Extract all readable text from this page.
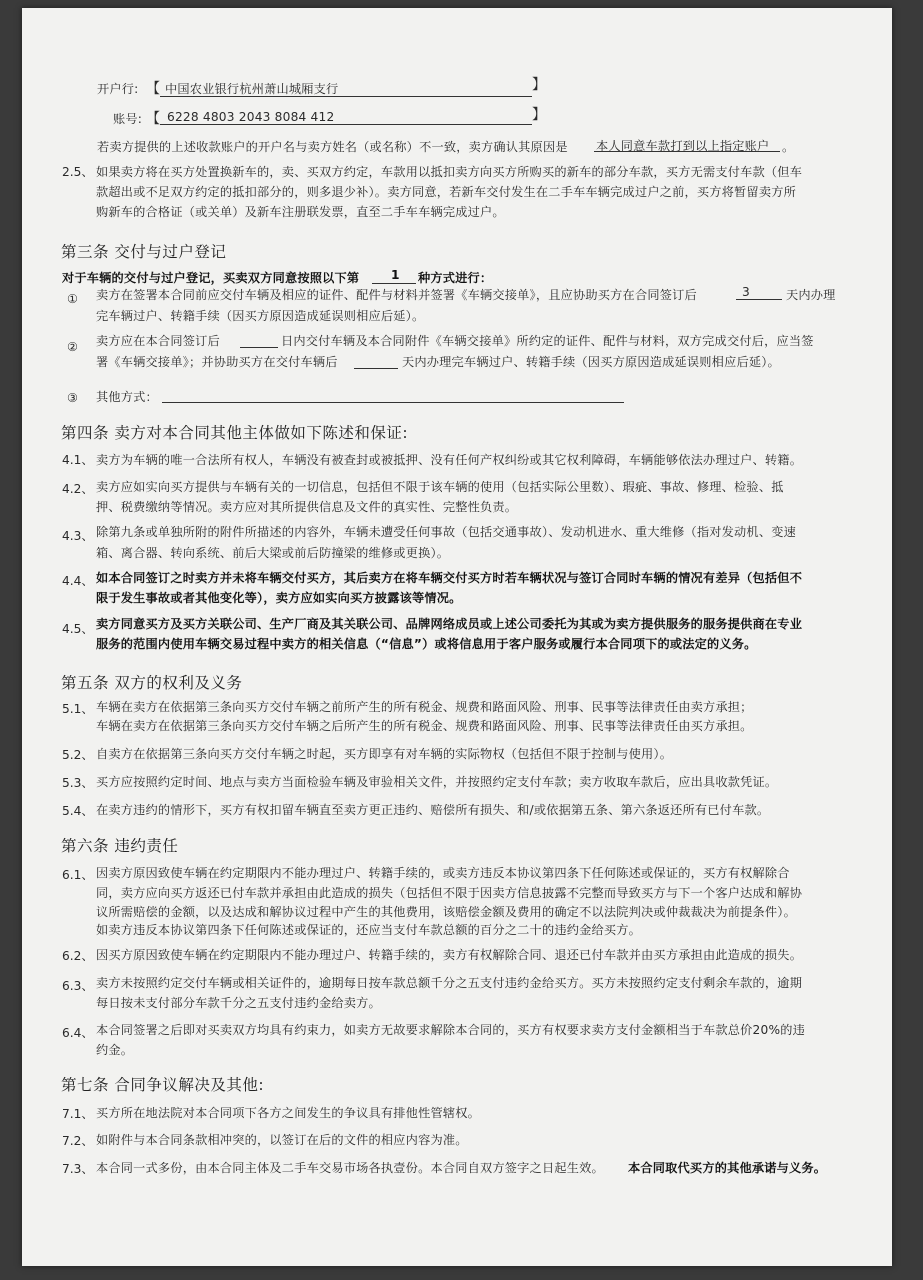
开户行: 【 中国农业银行杭州萧山城厢支行	】
账号: 【 6228 4803 2043 8084 412	】
若卖方提供的上述收款账户的开户名与卖方姓名（或名称）不一致，卖方确认其原因是 本人同意车款打到以上指定账户 。
2.5、 如果卖方将在买方处置换新车的，卖、买双方约定，车款用以抵扣卖方向买方所购买的新车的部分车款，买方无需支付车款（但车
款超出或不足双方约定的抵扣部分的，则多退少补）。卖方同意，若新车交付发生在二手车车辆完成过户之前，买方将暂留卖方所
购新车的合格证（或关单）及新车注册联发票，直至二手车车辆完成过户。
第三条 交付与过户登记
对于车辆的交付与过户登记，买卖双方同意按照以下第	1 种方式进行：
① 卖方在签署本合同前应交付车辆及相应的证件、配件与材料并签署《车辆交接单》，且应协助买方在合同签订后	3	天内办理
完车辆过户、转籍手续（因买方原因造成延误则相应后延）。
② 卖方应在本合同签订后	日内交付车辆及本合同附件《车辆交接单》所约定的证件、配件与材料，双方完成交付后，应当签
署《车辆交接单》；并协助买方在交付车辆后	天内办理完车辆过户、转籍手续（因买方原因造成延误则相应后延）。
③ 其他方式：
第四条 卖方对本合同其他主体做如下陈述和保证:
4.1、 卖方为车辆的唯一合法所有权人，车辆没有被查封或被抵押、没有任何产权纠纷或其它权利障碍，车辆能够依法办理过户、转籍。
4.2、 卖方应如实向买方提供与车辆有关的一切信息，包括但不限于该车辆的使用（包括实际公里数）、瑕疵、事故、修理、检验、抵
押、税费缴纳等情况。卖方应对其所提供信息及文件的真实性、完整性负责。
4.3、 除第九条或单独所附的附件所描述的内容外，车辆未遭受任何事故（包括交通事故）、发动机进水、重大维修（指对发动机、变速
箱、离合器、转向系统、前后大梁或前后防撞梁的维修或更换）。
4.4、 如本合同签订之时卖方并未将车辆交付买方，其后卖方在将车辆交付买方时若车辆状况与签订合同时车辆的情况有差异（包括但不
限于发生事故或者其他变化等），卖方应如实向买方披露该等情况。
4.5、 卖方同意买方及买方关联公司、生产厂商及其关联公司、品牌网络成员或上述公司委托为其或为卖方提供服务的服务提供商在专业
服务的范围内使用车辆交易过程中卖方的相关信息（“信息”）或将信息用于客户服务或履行本合同项下的或法定的义务。
第五条 双方的权利及义务
5.1、 车辆在卖方在依据第三条向买方交付车辆之前所产生的所有税金、规费和路面风险、刑事、民事等法律责任由卖方承担；
车辆在卖方在依据第三条向买方交付车辆之后所产生的所有税金、规费和路面风险、刑事、民事等法律责任由买方承担。
5.2、 自卖方在依据第三条向买方交付车辆之时起，买方即享有对车辆的实际物权（包括但不限于控制与使用）。
5.3、 买方应按照约定时间、地点与卖方当面检验车辆及审验相关文件，并按照约定支付车款；卖方收取车款后，应出具收款凭证。
5.4、 在卖方违约的情形下，买方有权扣留车辆直至卖方更正违约、赔偿所有损失、和/或依据第五条、第六条返还所有已付车款。
第六条 违约责任
6.1、 因卖方原因致使车辆在约定期限内不能办理过户、转籍手续的，或卖方违反本协议第四条下任何陈述或保证的，买方有权解除合
同，卖方应向买方返还已付车款并承担由此造成的损失（包括但不限于因卖方信息披露不完整而导致买方与下一个客户达成和解协
议所需赔偿的金额，以及达成和解协议过程中产生的其他费用，该赔偿金额及费用的确定不以法院判决或仲裁裁决为前提条件）。
如卖方违反本协议第四条下任何陈述或保证的，还应当支付车款总额的百分之二十的违约金给买方。
6.2、 因买方原因致使车辆在约定期限内不能办理过户、转籍手续的，卖方有权解除合同、退还已付车款并由买方承担由此造成的损失。
6.3、 卖方未按照约定交付车辆或相关证件的，逾期每日按车款总额千分之五支付违约金给买方。买方未按照约定支付剩余车款的，逾期
每日按未支付部分车款千分之五支付违约金给卖方。
6.4、 本合同签署之后即对买卖双方均具有约束力，如卖方无故要求解除本合同的，买方有权要求卖方支付金额相当于车款总价20%的违
约金。
第七条 合同争议解决及其他:
7.1、 买方所在地法院对本合同项下各方之间发生的争议具有排他性管辖权。
7.2、 如附件与本合同条款相冲突的，以签订在后的文件的相应内容为准。
7.3、 本合同一式多份，由本合同主体及二手车交易市场各执壹份。本合同自双方签字之日起生效。 本合同取代买方的其他承诺与义务。
